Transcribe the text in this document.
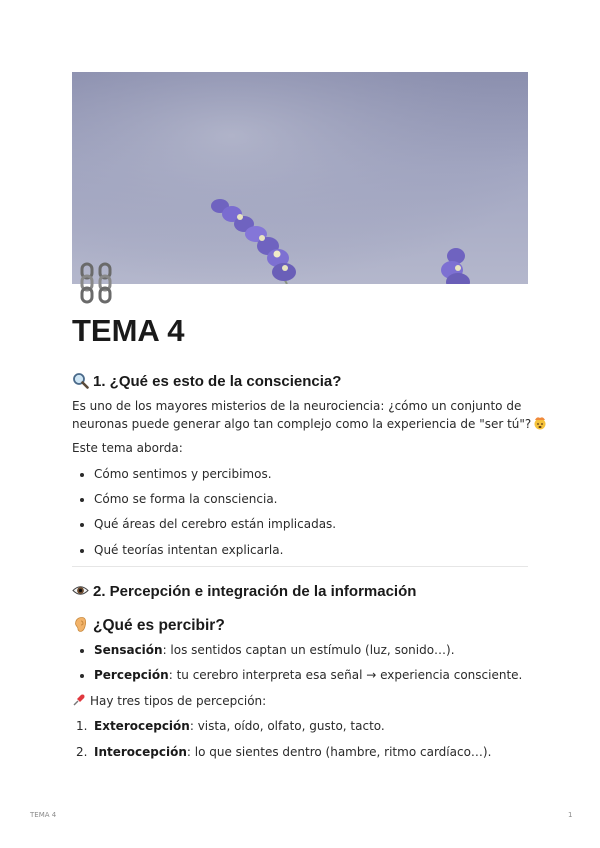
TEMA 4
1. ¿Qué es esto de la consciencia?

Es uno de los mayores misterios de la neurociencia: ¿cómo un conjunto de

neuronas puede generar algo tan complejo como la experiencia de "ser tú"?

Este tema aborda:

Cómo sentimos y percibimos.
Cómo se forma la consciencia.
Qué áreas del cerebro están implicadas.
Qué teorías intentan explicarla.
2. Percepción e integración de la información
¿Qué es percibir?
Sensación: los sentidos captan un estímulo (luz, sonido…).
Percepción: tu cerebro interpreta esa señal → experiencia consciente.

Hay tres tipos de percepción:

1. Exterocepción: vista, oído, olfato, gusto, tacto.
2. Interocepción: lo que sientes dentro (hambre, ritmo cardíaco…).
TEMA 4	1
